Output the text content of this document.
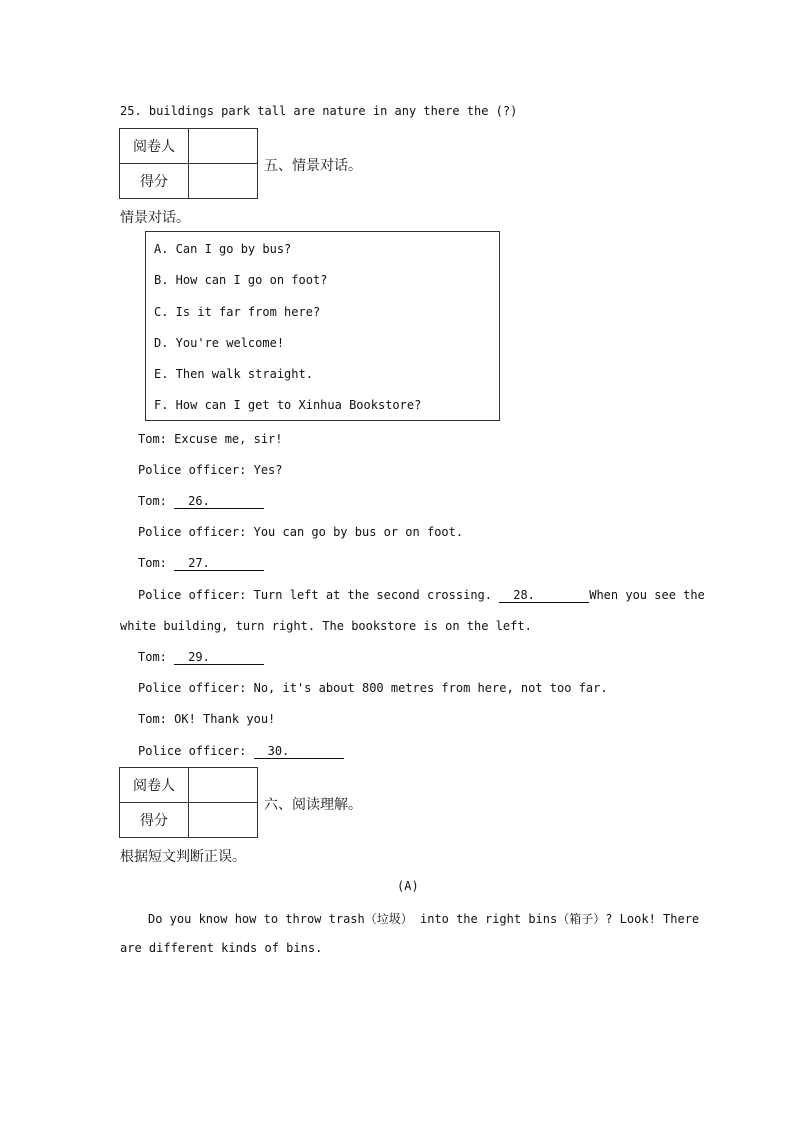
25. buildings park tall are nature in any there the (?)
阅卷人	
得分	
五、情景对话。
情景对话。
A. Can I go by bus?
B. How can I go on foot?
C. Is it far from here?
D. You're welcome!
E. Then walk straight.
F. How can I get to Xinhua Bookstore?
Tom: Excuse me, sir!
Police officer: Yes?
Tom: 26.
Police officer: You can go by bus or on foot.
Tom: 27.
Police officer: Turn left at the second crossing. 28.	When you see the
white building, turn right. The bookstore is on the left.
Tom: 29.
Police officer: No, it's about 800 metres from here, not too far.
Tom: OK! Thank you!
Police officer: 30.
阅卷人	
得分	
六、阅读理解。
根据短文判断正误。
(A)
Do you know how to throw trash（垃圾） into the right bins（箱子）? Look! There
are different kinds of bins.
